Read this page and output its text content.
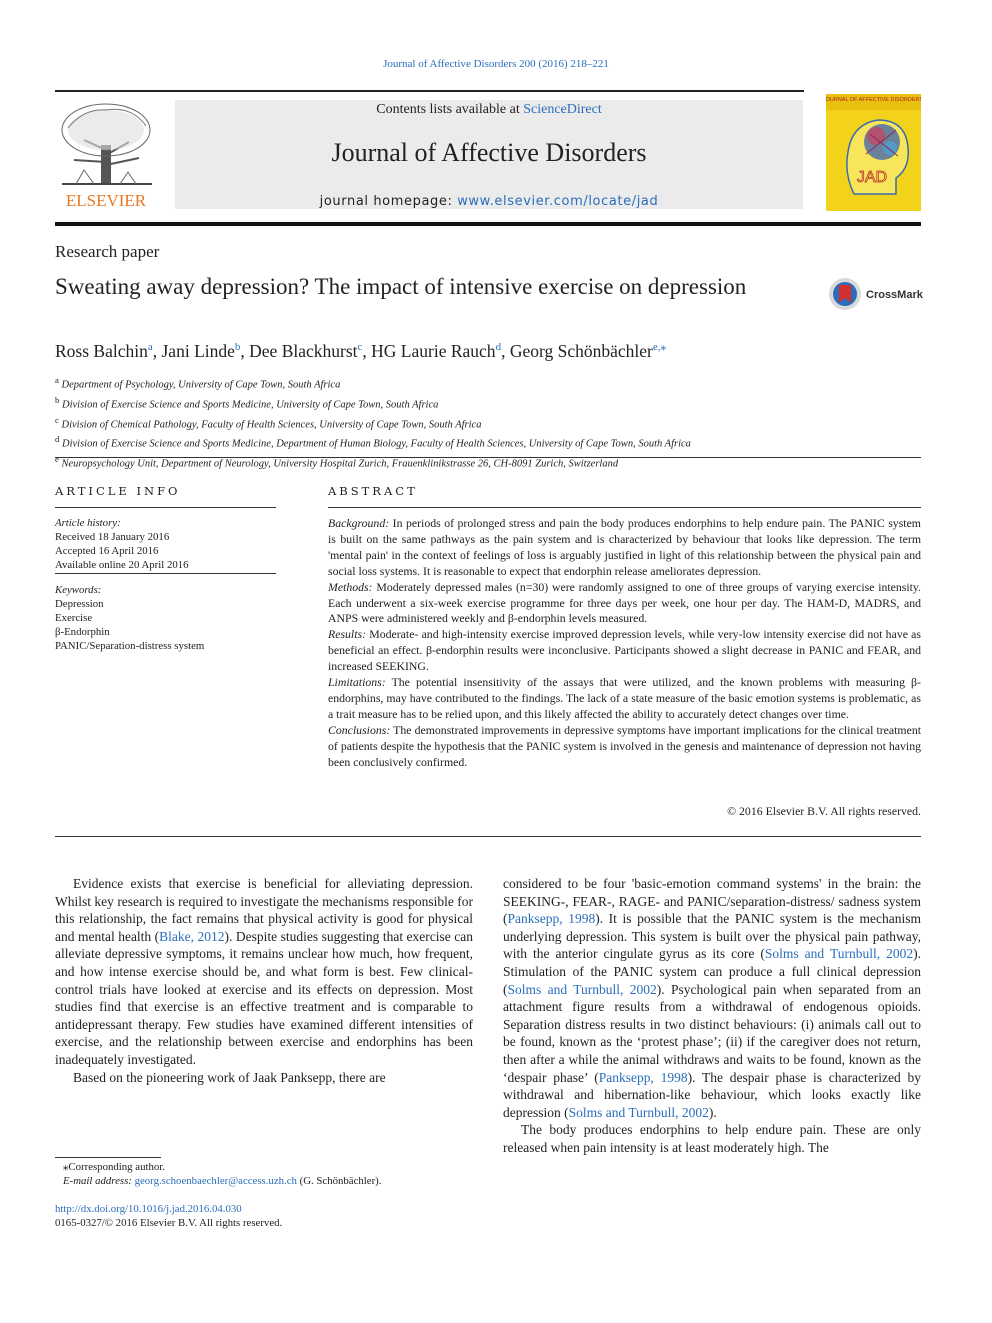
Journal of Affective Disorders 200 (2016) 218–221
ELSEVIER
Contents lists available at ScienceDirect
Journal of Affective Disorders
journal homepage: www.elsevier.com/locate/jad
JOURNAL OF AFFECTIVE DISORDERS
JAD
Research paper
Sweating away depression? The impact of intensive exercise on depression	CrossMark
Ross Balchin$^a$, Jani Linde$^b$, Dee Blackhurst$^c$, HG Laurie Rauch$^d$, Georg Schönbächler$^{e,⁎}$
$^a$ Department of Psychology, University of Cape Town, South Africa
$^b$ Division of Exercise Science and Sports Medicine, University of Cape Town, South Africa
$^c$ Division of Chemical Pathology, Faculty of Health Sciences, University of Cape Town, South Africa
$^d$ Division of Exercise Science and Sports Medicine, Department of Human Biology, Faculty of Health Sciences, University of Cape Town, South Africa
$^e$ Neuropsychology Unit, Department of Neurology, University Hospital Zurich, Frauenklinikstrasse 26, CH-8091 Zurich, Switzerland
ARTICLE INFO	ABSTRACT
Article history:
Received 18 January 2016
Accepted 16 April 2016
Available online 20 April 2016
Keywords:
Depression
Exercise
β-Endorphin
PANIC/Separation-distress system

Background: In periods of prolonged stress and pain the body produces endorphins to help endure pain. The PANIC system is built on the same pathways as the pain system and is characterized by behaviour that looks like depression. The term 'mental pain' in the context of feelings of loss is arguably justified in light of this relationship between the physical pain and social loss systems. It is reasonable to expect that endorphin release ameliorates depression.

Methods: Moderately depressed males (n=30) were randomly assigned to one of three groups of varying exercise intensity. Each underwent a six-week exercise programme for three days per week, one hour per day. The HAM-D, MADRS, and ANPS were administered weekly and β-endorphin levels measured.

Results: Moderate- and high-intensity exercise improved depression levels, while very-low intensity exercise did not have as beneficial an effect. β-endorphin results were inconclusive. Participants showed a slight decrease in PANIC and FEAR, and increased SEEKING.

Limitations: The potential insensitivity of the assays that were utilized, and the known problems with measuring β-endorphins, may have contributed to the findings. The lack of a state measure of the basic emotion systems is problematic, as a trait measure has to be relied upon, and this likely affected the ability to accurately detect changes over time.

Conclusions: The demonstrated improvements in depressive symptoms have important implications for the clinical treatment of patients despite the hypothesis that the PANIC system is involved in the genesis and maintenance of depression not having been conclusively confirmed.

© 2016 Elsevier B.V. All rights reserved.

Evidence exists that exercise is beneficial for alleviating depression. Whilst key research is required to investigate the mechanisms responsible for this relationship, the fact remains that physical activity is good for physical and mental health (Blake, 2012). Despite studies suggesting that exercise can alleviate depressive symptoms, it remains unclear how much, how frequent, and how intense exercise should be, and what form is best. Few clinical-control trials have looked at exercise and its effects on depression. Most studies find that exercise is an effective treatment and is comparable to antidepressant therapy. Few studies have examined different intensities of exercise, and the relationship between exercise and endorphins has been inadequately investigated.

Based on the pioneering work of Jaak Panksepp, there are

considered to be four 'basic-emotion command systems' in the brain: the SEEKING-, FEAR-, RAGE- and PANIC/separation-distress/ sadness system (Panksepp, 1998). It is possible that the PANIC system is the mechanism underlying depression. This system is built over the physical pain pathway, with the anterior cingulate gyrus as its core (Solms and Turnbull, 2002). Stimulation of the PANIC system can produce a full clinical depression (Solms and Turnbull, 2002). Psychological pain when separated from an attachment figure results from a withdrawal of endogenous opioids. Separation distress results in two distinct behaviours: (i) animals call out to be found, known as the ‘protest phase’; (ii) if the caregiver does not return, then after a while the animal withdraws and waits to be found, known as the ‘despair phase’ (Panksepp, 1998). The despair phase is characterized by withdrawal and hibernation-like behaviour, which looks exactly like depression (Solms and Turnbull, 2002).

The body produces endorphins to help endure pain. These are only released when pain intensity is at least moderately high. The

⁎Corresponding author.
E-mail address: georg.schoenbaechler@access.uzh.ch (G. Schönbächler).
http://dx.doi.org/10.1016/j.jad.2016.04.030
0165-0327/© 2016 Elsevier B.V. All rights reserved.
